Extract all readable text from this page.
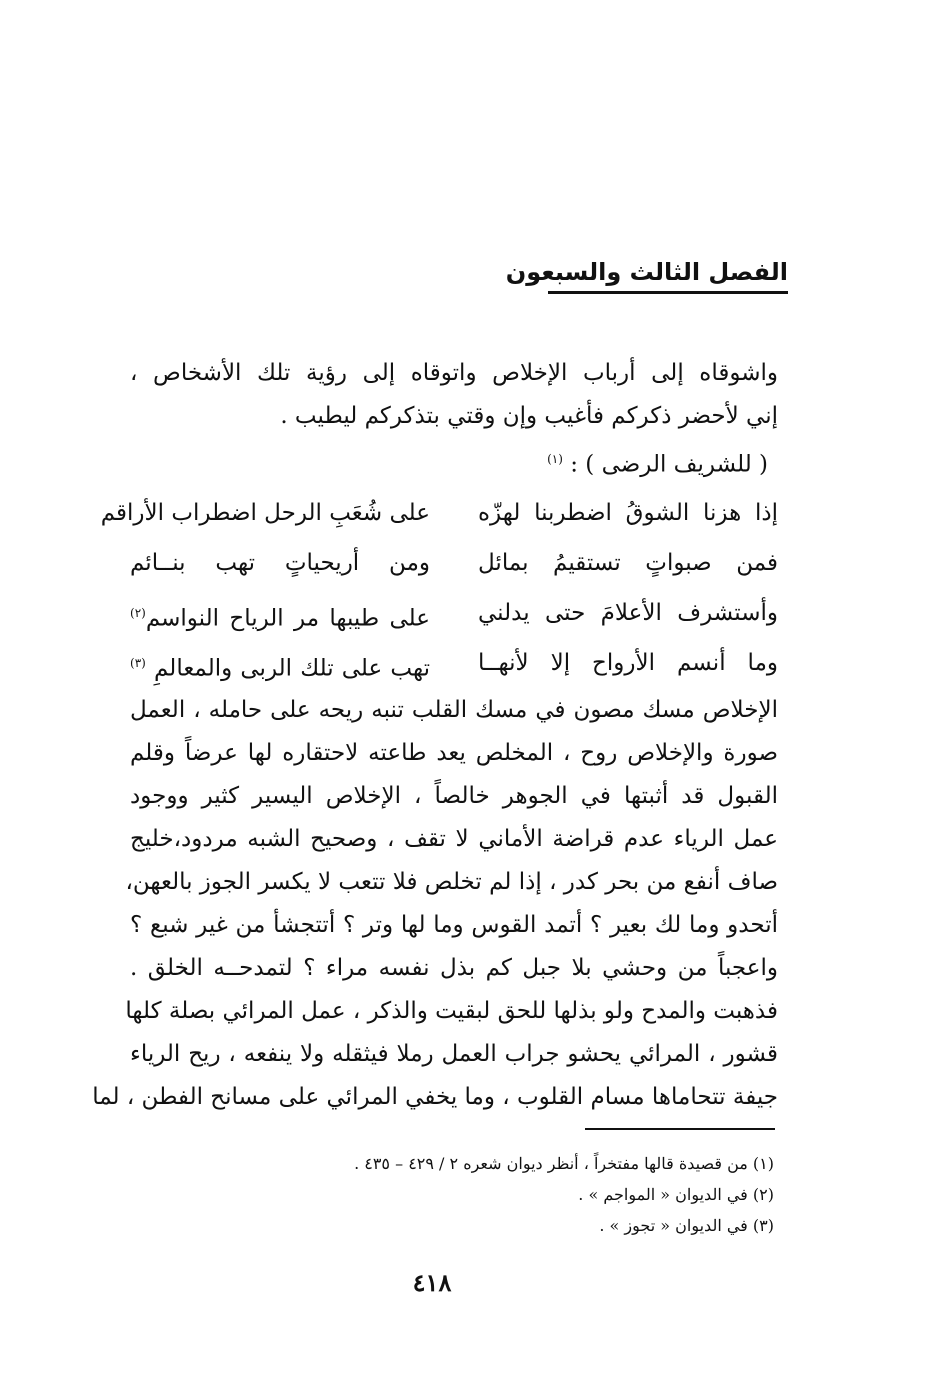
الفصل الثالث والسبعون
واشوقاه إلى أرباب الإخلاص واتوقاه إلى رؤية تلك الأشخاص ،
إني لأحضر ذكركم فأغيب وإن وقتي بتذكركم ليطيب .
( للشريف الرضى ) : $^{(١)}$
إذا هزنا الشوقُ اضطربنا لهزّه
على شُعَبِ الرحل اضطراب الأراقم
فمن صبواتٍ تستقيمُ بمائل
ومن أريحياتٍ تهب بنــائم
وأستشرف الأعلامَ حتى يدلني
على طيبها مر الرياح النواسم$^{(٢)}$
وما أنسم الأرواح إلا لأنهــا
تهب على تلك الربى والمعالمِ $^{(٣)}$
الإخلاص مسك مصون في مسك القلب تنبه ريحه على حامله ، العمل
صورة والإخلاص روح ، المخلص يعد طاعته لاحتقاره لها عرضاً وقلم
القبول قد أثبتها في الجوهر خالصاً ، الإخلاص اليسير كثير ووجود
عمل الرياء عدم قراضة الأماني لا تقف ، وصحيح الشبه مردود،خليج
صاف أنفع من بحر كدر ، إذا لم تخلص فلا تتعب لا يكسر الجوز بالعهن،
أتحدو وما لك بعير ؟ أتمد القوس وما لها وتر ؟ أتتجشأ من غير شبع ؟
واعجباً من وحشي بلا جبل كم بذل نفسه مراء ؟ لتمدحــه الخلق .
فذهبت والمدح ولو بذلها للحق لبقيت والذكر ، عمل المرائي بصلة كلها
قشور ، المرائي يحشو جراب العمل رملا فيثقله ولا ينفعه ، ريح الرياء
جيفة تتحاماها مسام القلوب ، وما يخفي المرائي على مسانح الفطن ، لما
(١) من قصيدة قالها مفتخراً ، أنظر ديوان شعره ٢ / ٤٢٩ – ٤٣٥ .
(٢) في الديوان « المواجم » .
(٣) في الديوان « تجوز » .
٤١٨
